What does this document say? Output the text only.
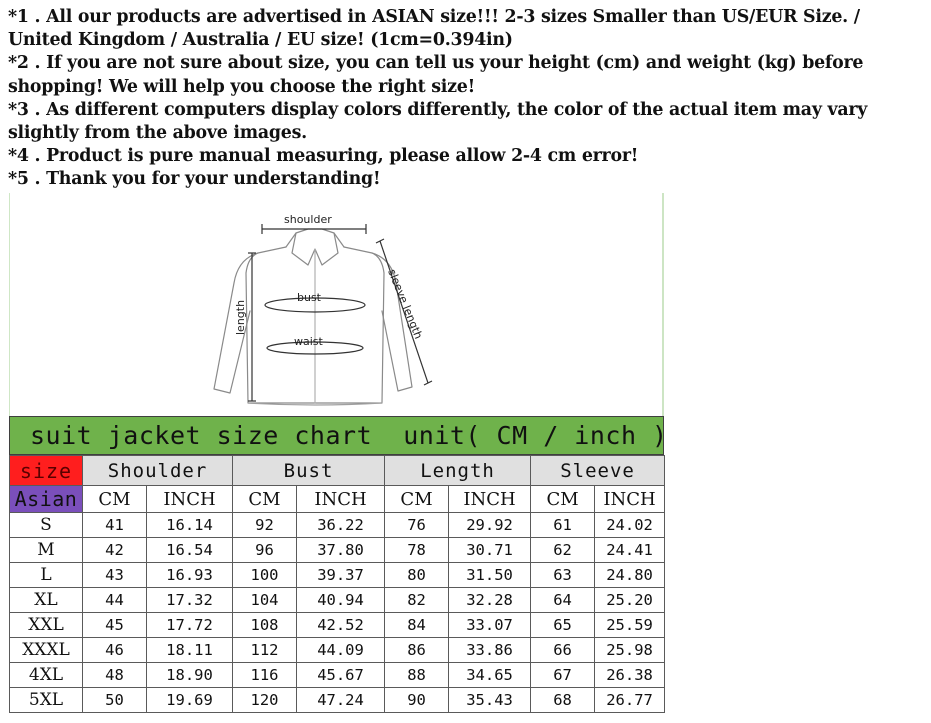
*1 . All our products are advertised in ASIAN size!!! 2-3 sizes Smaller than US/EUR Size. / United Kingdom / Australia / EU size! (1cm=0.394in)

*2 . If you are not sure about size, you can tell us your height (cm) and weight (kg) before shopping! We will help you choose the right size!

*3 . As different computers display colors differently, the color of the actual item may vary slightly from the above images.

*4 . Product is pure manual measuring, please allow 2-4 cm error!

*5 . Thank you for your understanding!

shoulder
bust
waist
length	sleeve length
suit jacket size chart  unit( CM / inch )
size	Shoulder		Bust		Length		Sleeve	
Asian	CM	INCH	CM	INCH	CM	INCH	CM	INCH
S	41	16.14	92	36.22	76	29.92	61	24.02
M	42	16.54	96	37.80	78	30.71	62	24.41
L	43	16.93	100	39.37	80	31.50	63	24.80
XL	44	17.32	104	40.94	82	32.28	64	25.20
XXL	45	17.72	108	42.52	84	33.07	65	25.59
XXXL	46	18.11	112	44.09	86	33.86	66	25.98
4XL	48	18.90	116	45.67	88	34.65	67	26.38
5XL	50	19.69	120	47.24	90	35.43	68	26.77
